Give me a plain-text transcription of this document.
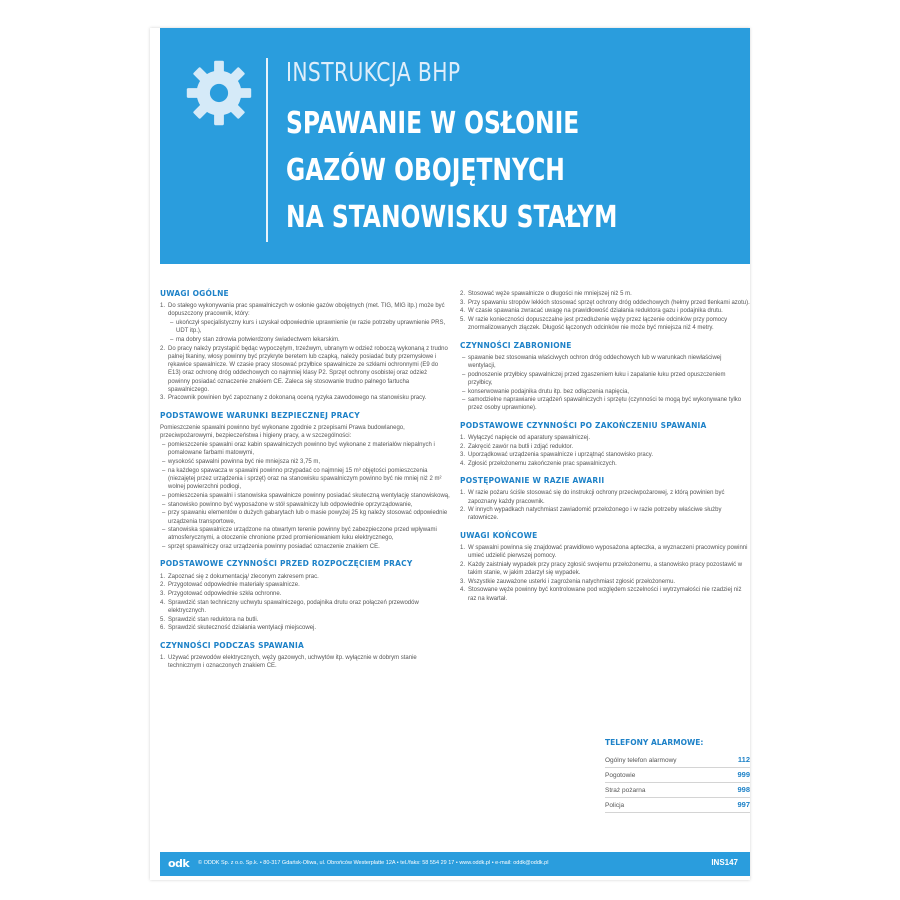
INSTRUKCJA BHP
SPAWANIE W OSŁONIE
GAZÓW OBOJĘTNYCH
NA STANOWISKU STAŁYM
UWAGI OGÓLNE
1. Do stałego wykonywania prac spawalniczych w osłonie gazów obojętnych (met. TIG, MIG itp.) może być dopuszczony pracownik, który:
– ukończył specjalistyczny kurs i uzyskał odpowiednie uprawnienie (w razie potrzeby uprawnienie PRS, UDT itp.),
– ma dobry stan zdrowia potwierdzony świadectwem lekarskim.
2. Do pracy należy przystąpić będąc wypoczętym, trzeźwym, ubranym w odzież roboczą wykonaną z trudno palnej tkaniny, włosy powinny być przykryte beretem lub czapką, należy posiadać buty przemysłowe i rękawice spawalnicze. W czasie pracy stosować przyłbice spawalnicze ze szkłami ochronnymi (E9 do E13) oraz ochronę dróg oddechowych co najmniej klasy P2. Sprzęt ochrony osobistej oraz odzież powinny posiadać oznaczenie znakiem CE. Zaleca się stosowanie trudno palnego fartucha spawalniczego.
3. Pracownik powinien być zapoznany z dokonaną oceną ryzyka zawodowego na stanowisku pracy.
PODSTAWOWE WARUNKI BEZPIECZNEJ PRACY
Pomieszczenie spawalni powinno być wykonane zgodnie z przepisami Prawa budowlanego, przeciwpożarowymi, bezpieczeństwa i higieny pracy, a w szczególności:
– pomieszczenie spawalni oraz kabin spawalniczych powinno być wykonane z materiałów niepalnych i pomalowane farbami matowymi,
– wysokość spawalni powinna być nie mniejsza niż 3,75 m,
– na każdego spawacza w spawalni powinno przypadać co najmniej 15 m³ objętości pomieszczenia (niezajętej przez urządzenia i sprzęt) oraz na stanowisku spawalniczym powinno być nie mniej niż 2 m² wolnej powierzchni podłogi,
– pomieszczenia spawalni i stanowiska spawalnicze powinny posiadać skuteczną wentylację stanowiskową,
– stanowisko powinno być wyposażone w stół spawalniczy lub odpowiednie oprzyrządowanie,
– przy spawaniu elementów o dużych gabarytach lub o masie powyżej 25 kg należy stosować odpowiednie urządzenia transportowe,
– stanowiska spawalnicze urządzone na otwartym terenie powinny być zabezpieczone przed wpływami atmosferycznymi, a otoczenie chronione przed promieniowaniem łuku elektrycznego,
– sprzęt spawalniczy oraz urządzenia powinny posiadać oznaczenie znakiem CE.
PODSTAWOWE CZYNNOŚCI PRZED ROZPOCZĘCIEM PRACY
1. Zapoznać się z dokumentacją/ zleconym zakresem prac.
2. Przygotować odpowiednie materiały spawalnicze.
3. Przygotować odpowiednie szkła ochronne.
4. Sprawdzić stan techniczny uchwytu spawalniczego, podajnika drutu oraz połączeń przewodów elektrycznych.
5. Sprawdzić stan reduktora na butli.
6. Sprawdzić skuteczność działania wentylacji miejscowej.
CZYNNOŚCI PODCZAS SPAWANIA
1. Używać przewodów elektrycznych, węży gazowych, uchwytów itp. wyłącznie w dobrym stanie technicznym i oznaczonych znakiem CE.
2. Stosować węże spawalnicze o długości nie mniejszej niż 5 m.
3. Przy spawaniu stropów lekkich stosować sprzęt ochrony dróg oddechowych (hełmy przed tlenkami azotu).
4. W czasie spawania zwracać uwagę na prawidłowość działania reduktora gazu i podajnika drutu.
5. W razie konieczności dopuszczalne jest przedłużenie węży przez łączenie odcinków przy pomocy znormalizowanych złączek. Długość łączonych odcinków nie może być mniejsza niż 4 metry.
CZYNNOŚCI ZABRONIONE
– spawanie bez stosowania właściwych ochron dróg oddechowych lub w warunkach niewłaściwej wentylacji,
– podnoszenie przyłbicy spawalniczej przed zgaszeniem łuku i zapalanie łuku przed opuszczeniem przyłbicy,
– konserwowanie podajnika drutu itp. bez odłączenia napięcia,
– samodzielne naprawianie urządzeń spawalniczych i sprzętu (czynności te mogą być wykonywane tylko przez osoby uprawnione).
PODSTAWOWE CZYNNOŚCI PO ZAKOŃCZENIU SPAWANIA
1. Wyłączyć napięcie od aparatury spawalniczej.
2. Zakręcić zawór na butli i zdjąć reduktor.
3. Uporządkować urządzenia spawalnicze i uprzątnąć stanowisko pracy.
4. Zgłosić przełożonemu zakończenie prac spawalniczych.
POSTĘPOWANIE W RAZIE AWARII
1. W razie pożaru ściśle stosować się do instrukcji ochrony przeciwpożarowej, z którą powinien być zapoznany każdy pracownik.
2. W innych wypadkach natychmiast zawiadomić przełożonego i w razie potrzeby właściwe służby ratownicze.
UWAGI KOŃCOWE
1. W spawalni powinna się znajdować prawidłowo wyposażona apteczka, a wyznaczeni pracownicy powinni umieć udzielić pierwszej pomocy.
2. Każdy zaistniały wypadek przy pracy zgłosić swojemu przełożonemu, a stanowisko pracy pozostawić w takim stanie, w jakim zdarzył się wypadek.
3. Wszystkie zauważone usterki i zagrożenia natychmiast zgłosić przełożonemu.
4. Stosowane węże powinny być kontrolowane pod względem szczelności i wytrzymałości nie rzadziej niż raz na kwartał.
TELEFONY ALARMOWE:
Ogólny telefon alarmowy	112
Pogotowie	999
Straż pożarna	998
Policja	997
odk © ODDK Sp. z o.o. Sp.k. • 80-317 Gdańsk-Oliwa, ul. Obrońców Westerplatte 12A • tel./faks: 58 554 29 17 • www.oddk.pl • e-mail: oddk@oddk.pl	INS147
